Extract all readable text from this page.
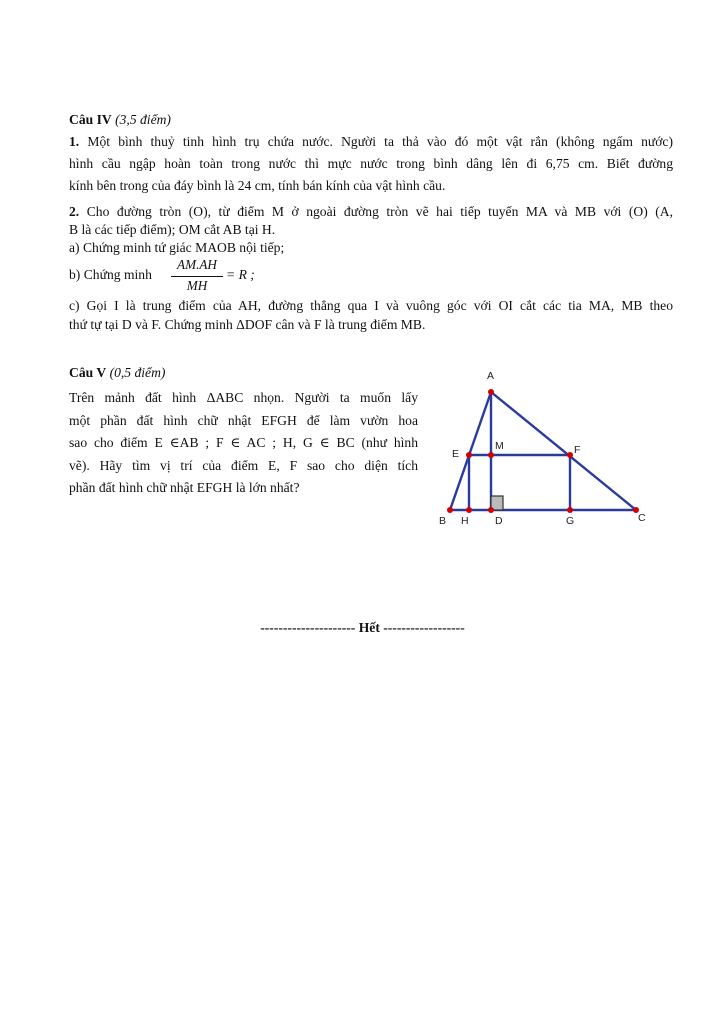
Câu IV (3,5 điểm)
1. Một bình thuỷ tinh hình trụ chứa nước. Người ta thả vào đó một vật rắn (không ngấm nước)
hình cầu ngập hoàn toàn trong nước thì mực nước trong bình dâng lên đi 6,75 cm. Biết đường
kính bên trong của đáy bình là 24 cm, tính bán kính của vật hình cầu.
2. Cho đường tròn (O), từ điểm M ở ngoài đường tròn vẽ hai tiếp tuyến MA và MB với (O) (A,
B là các tiếp điểm); OM cắt AB tại H.
a) Chứng minh tứ giác MAOB nội tiếp;
b) Chứng minh
AM.AH
MH
= R ;
c) Gọi I là trung điểm của AH, đường thẳng qua I và vuông góc với OI cắt các tia MA, MB theo
thứ tự tại D và F. Chứng minh ΔDOF cân và F là trung điểm MB.
Câu V (0,5 điểm)
Trên mảnh đất hình ΔABC nhọn. Người ta muốn lấy
một phần đất hình chữ nhật EFGH để làm vườn hoa
sao cho điểm E ∈AB ; F ∈ AC ; H, G ∈ BC (như hình
vẽ). Hãy tìm vị trí của điểm E, F sao cho diện tích
phần đất hình chữ nhật EFGH là lớn nhất?
A
B	C
D
E	F
G
H
M
--------------------- Hết ------------------
